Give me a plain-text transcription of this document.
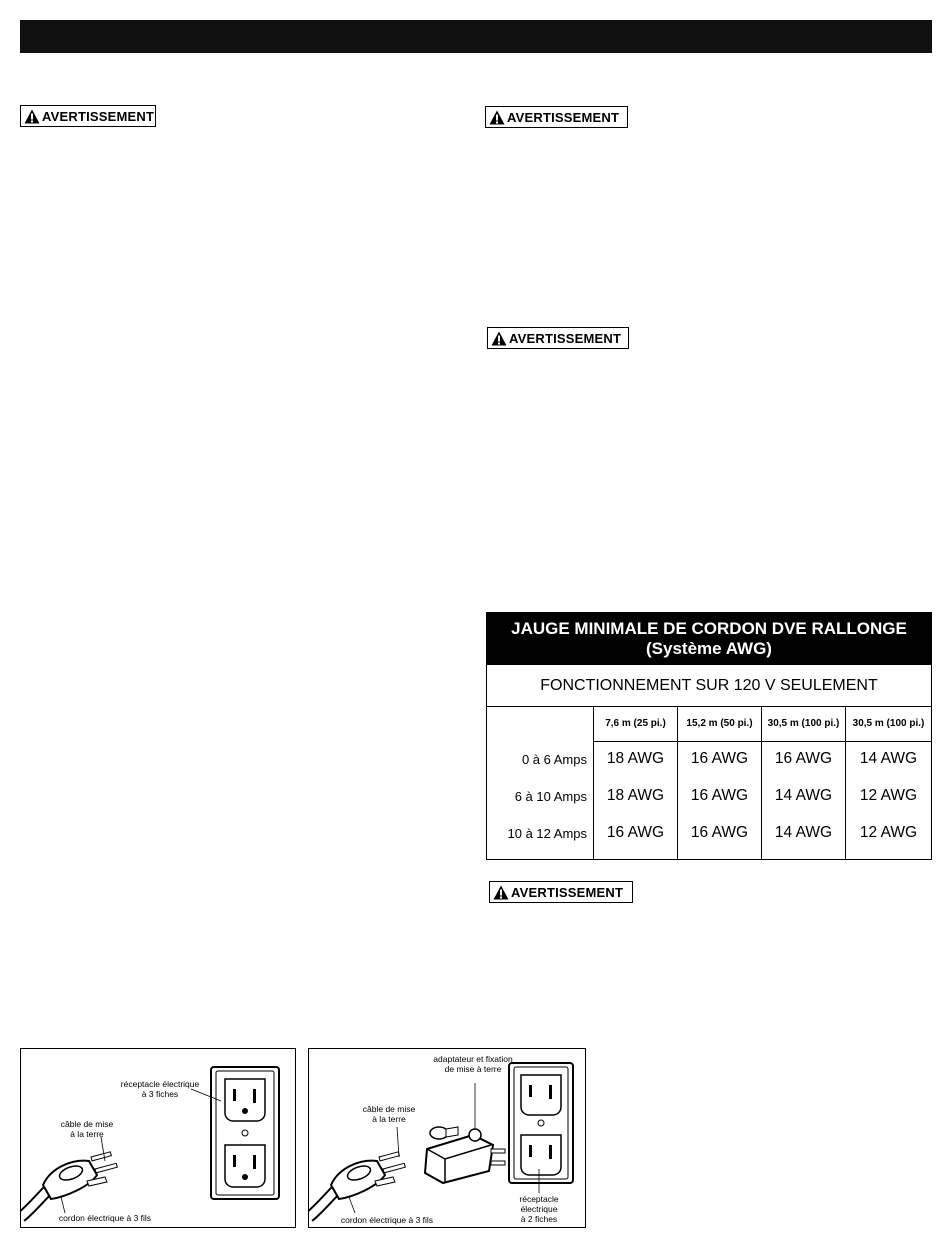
AVERTISSEMENT	AVERTISSEMENT
AVERTISSEMENT
AVERTISSEMENT
JAUGE MINIMALE DE CORDON DVE RALLONGE
(Système AWG)
FONCTIONNEMENT SUR 120 V SEULEMENT
0 à 6 Amps
6 à 10 Amps
10 à 12 Amps
7,6 m (25 pi.)
18 AWG
18 AWG
16 AWG
15,2 m (50 pi.)
16 AWG
16 AWG
16 AWG
30,5 m (100 pi.)
16 AWG
14 AWG
14 AWG
30,5 m (100 pi.)
14 AWG
12 AWG
12 AWG
réceptacle électrique
à 3 fiches
câble de mise
à la terre
cordon électrique à 3 fils
adaptateur et fixation
de mise à terre
câble de mise
à la terre
cordon électrique à 3 fils
réceptacle
électrique
à 2 fiches
